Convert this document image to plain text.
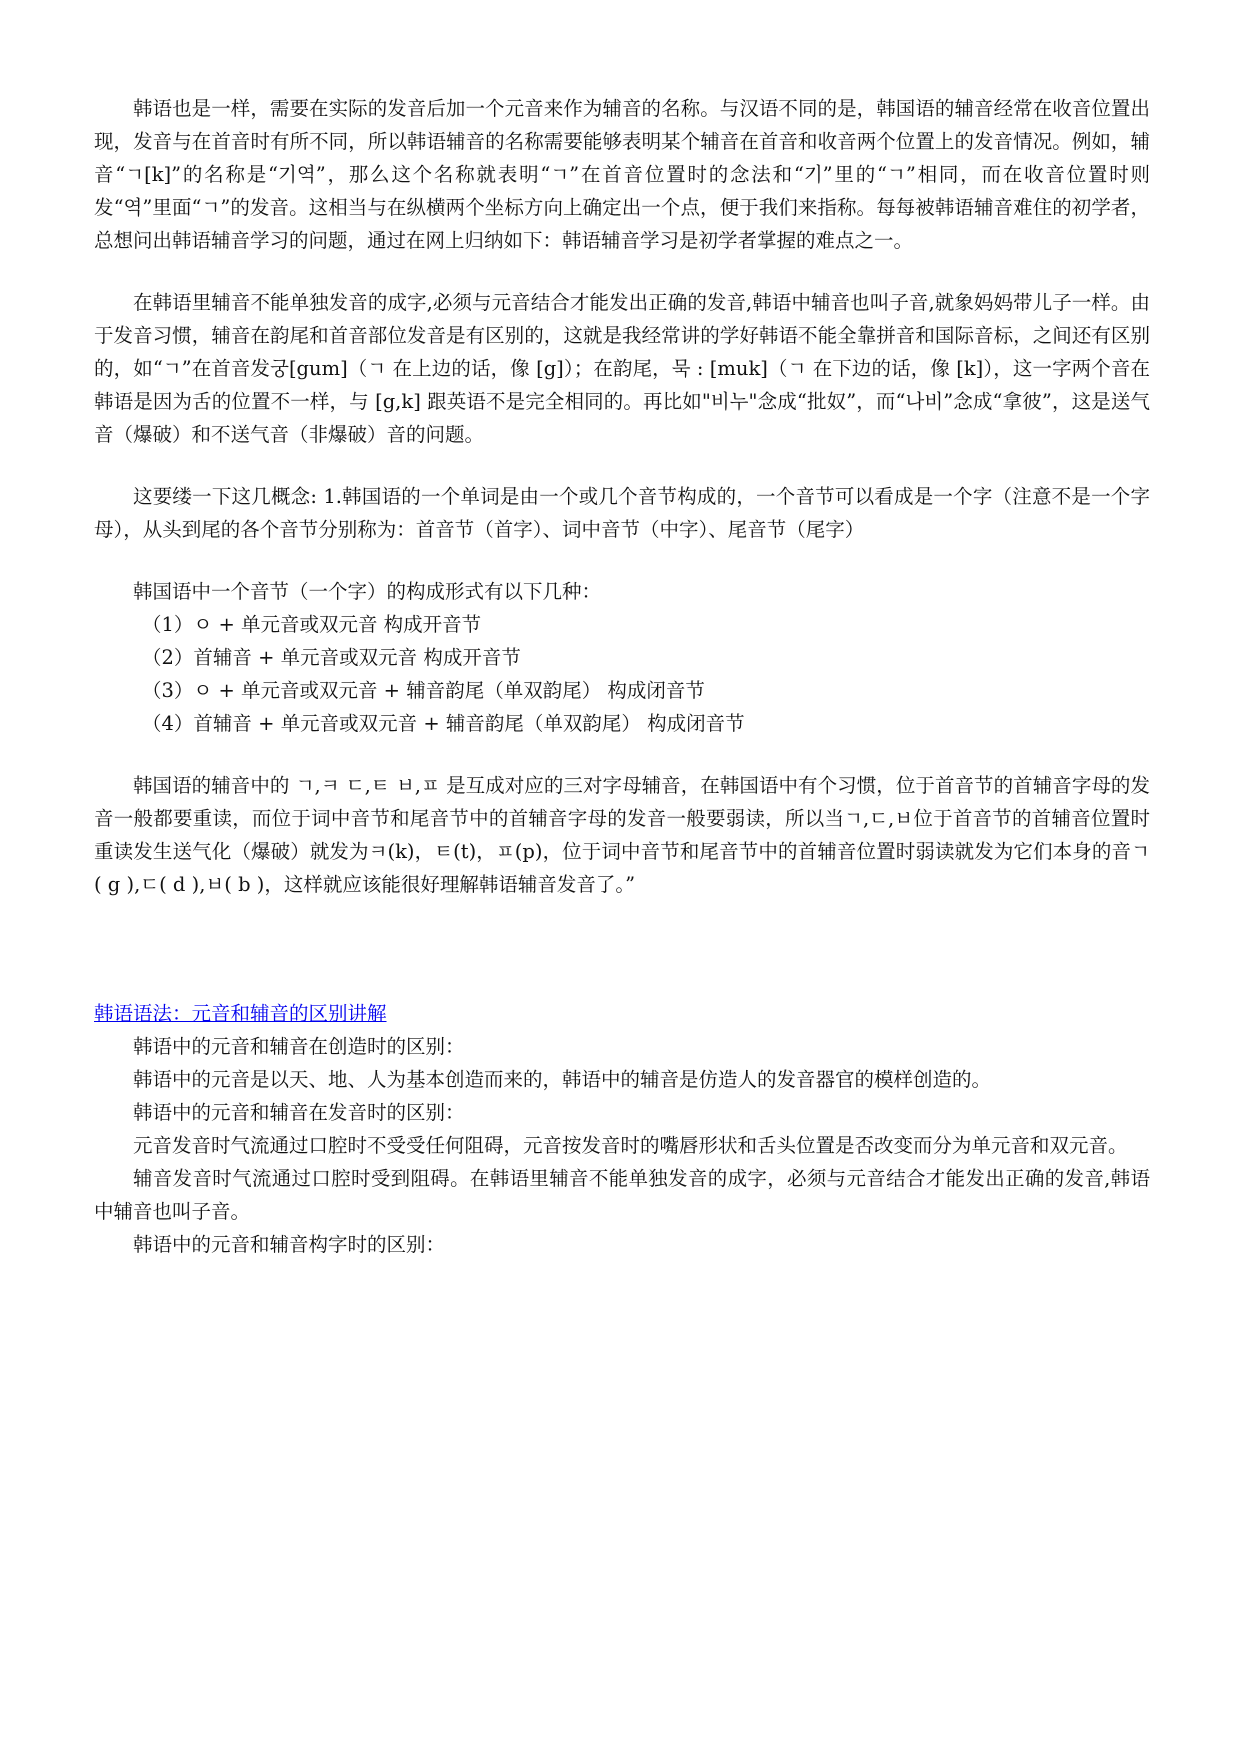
韩语也是一样，需要在实际的发音后加一个元音来作为辅音的名称。与汉语不同的是，韩国语的辅音经常在收音位置出现，发音与在首音时有所不同，所以韩语辅音的名称需要能够表明某个辅音在首音和收音两个位置上的发音情况。例如，辅音“ㄱ[k]”的名称是“기역”，那么这个名称就表明“ㄱ”在首音位置时的念法和“기”里的“ㄱ”相同，而在收音位置时则发“역”里面“ㄱ”的发音。这相当与在纵横两个坐标方向上确定出一个点，便于我们来指称。每每被韩语辅音难住的初学者，总想问出韩语辅音学习的问题，通过在网上归纳如下：韩语辅音学习是初学者掌握的难点之一。

在韩语里辅音不能单独发音的成字,必须与元音结合才能发出正确的发音,韩语中辅音也叫子音,就象妈妈带儿子一样。由于发音习惯，辅音在韵尾和首音部位发音是有区别的，这就是我经常讲的学好韩语不能全靠拼音和国际音标，之间还有区别的，如“ㄱ”在首音发궁[gum]（ㄱ 在上边的话，像 [g]）；在韵尾，묵 : [muk]（ㄱ 在下边的话，像 [k]），这一字两个音在韩语是因为舌的位置不一样，与 [g,k] 跟英语不是完全相同的。再比如"비누"念成“批奴”，而“나비”念成“拿彼”，这是送气音（爆破）和不送气音（非爆破）音的问题。

这要缕一下这几概念: 1.韩国语的一个单词是由一个或几个音节构成的，一个音节可以看成是一个字（注意不是一个字母），从头到尾的各个音节分别称为：首音节（首字）、词中音节（中字）、尾音节（尾字）

韩国语中一个音节（一个字）的构成形式有以下几种：

（1）ㅇ + 单元音或双元音 构成开音节

（2）首辅音 + 单元音或双元音 构成开音节

（3）ㅇ + 单元音或双元音 + 辅音韵尾（单双韵尾） 构成闭音节

（4）首辅音 + 单元音或双元音 + 辅音韵尾（单双韵尾） 构成闭音节

韩国语的辅音中的 ㄱ,ㅋ ㄷ,ㅌ ㅂ,ㅍ 是互成对应的三对字母辅音，在韩国语中有个习惯，位于首音节的首辅音字母的发音一般都要重读，而位于词中音节和尾音节中的首辅音字母的发音一般要弱读，所以当ㄱ,ㄷ,ㅂ位于首音节的首辅音位置时重读发生送气化（爆破）就发为ㅋ(k)，ㅌ(t)，ㅍ(p)，位于词中音节和尾音节中的首辅音位置时弱读就发为它们本身的音ㄱ( g ),ㄷ( d ),ㅂ( b )，这样就应该能很好理解韩语辅音发音了。”

韩语语法：元音和辅音的区别讲解

韩语中的元音和辅音在创造时的区别：

韩语中的元音是以天、地、人为基本创造而来的，韩语中的辅音是仿造人的发音器官的模样创造的。

韩语中的元音和辅音在发音时的区别：

元音发音时气流通过口腔时不受受任何阻碍，元音按发音时的嘴唇形状和舌头位置是否改变而分为单元音和双元音。

辅音发音时气流通过口腔时受到阻碍。在韩语里辅音不能单独发音的成字，必须与元音结合才能发出正确的发音,韩语中辅音也叫子音。

韩语中的元音和辅音构字时的区别：
